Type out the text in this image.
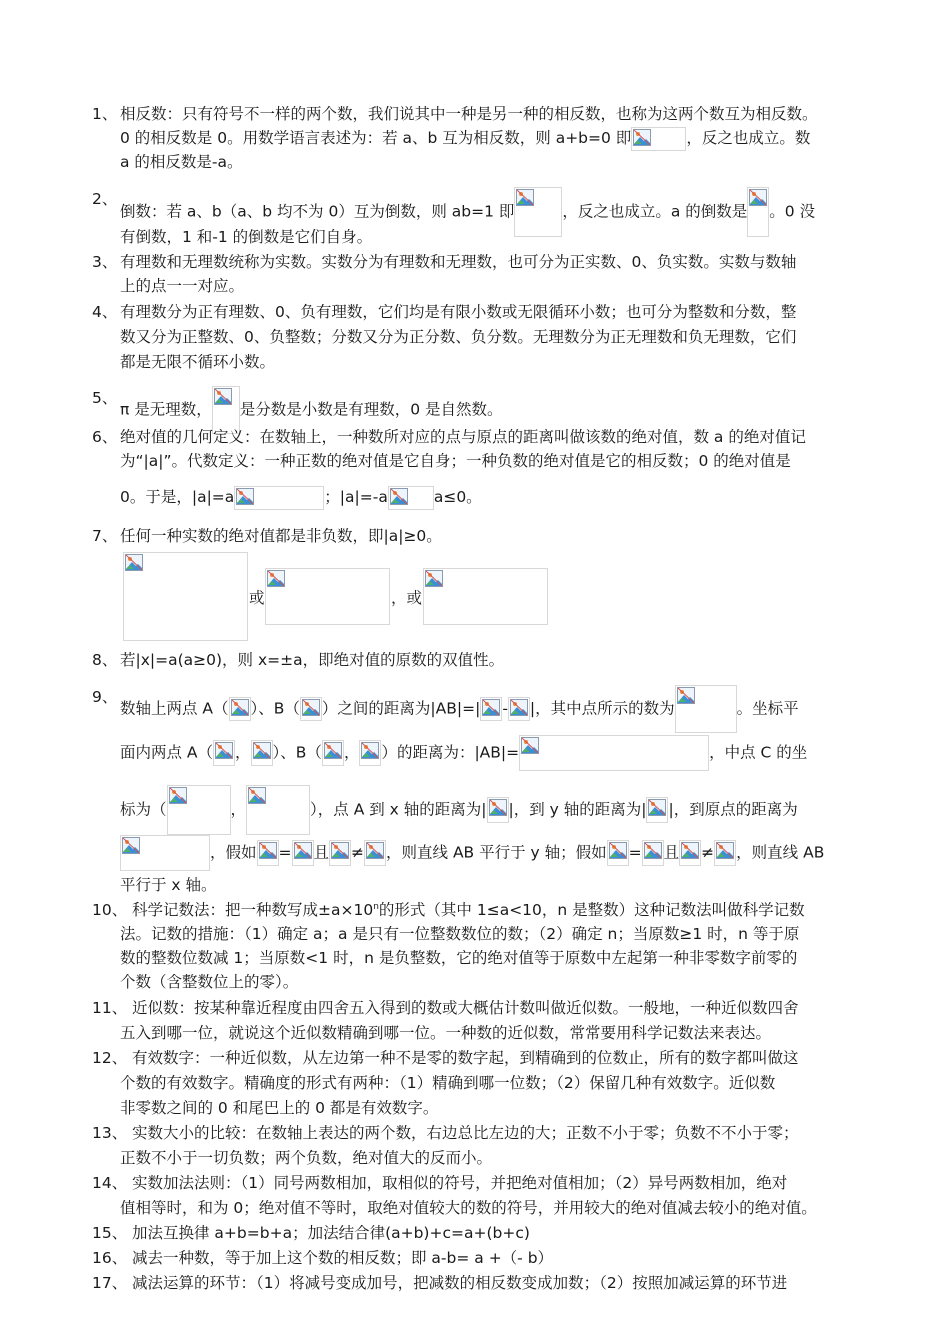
1、 相反数：只有符号不一样的两个数，我们说其中一种是另一种的相反数，也称为这两个数互为相反数。
0 的相反数是 0。用数学语言表述为：若 a、b 互为相反数，则 a+b=0 即	，反之也成立。数
a 的相反数是-a。
2、
倒数：若 a、b（a、b 均不为 0）互为倒数，则 ab=1 即	，反之也成立。a 的倒数是 。0 没
有倒数，1 和-1 的倒数是它们自身。
3、 有理数和无理数统称为实数。实数分为有理数和无理数，也可分为正实数、0、负实数。实数与数轴
上的点一一对应。
4、 有理数分为正有理数、0、负有理数，它们均是有限小数或无限循环小数；也可分为整数和分数，整
数又分为正整数、0、负整数；分数又分为正分数、负分数。无理数分为正无理数和负无理数，它们
都是无限不循环小数。
5、
π 是无理数， 是分数是小数是有理数，0 是自然数。
6、 绝对值的几何定义：在数轴上，一种数所对应的点与原点的距离叫做该数的绝对值，数 a 的绝对值记
为“|a|”。代数定义：一种正数的绝对值是它自身；一种负数的绝对值是它的相反数；0 的绝对值是
0。于是，|a|=a	；|a|=-a	a≤0。
7、 任何一种实数的绝对值都是非负数，即|a|≥0。
或	，或
8、 若|x|=a(a≥0)，则 x=±a，即绝对值的原数的双值性。
9、
数轴上两点 A（ ）、B（ ）之间的距离为|AB|=| - |，其中点所示的数为	。坐标平
面内两点 A（ ， ）、B（ ， ）的距离为：|AB|=	，中点 C 的坐
标为（	，	），点 A 到 x 轴的距离为| |，到 y 轴的距离为| |，到原点的距离为
，假如 = 且 ≠ ，则直线 AB 平行于 y 轴；假如 = 且 ≠ ，则直线 AB
平行于 x 轴。
10、 科学记数法：把一种数写成$\pm a\times 10^n$的形式（其中 1≤a<10，n 是整数）这种记数法叫做科学记数
法。记数的措施：（1）确定 a；a 是只有一位整数数位的数；（2）确定 n；当原数≥1 时，n 等于原
数的整数位数减 1；当原数<1 时，n 是负整数，它的绝对值等于原数中左起第一种非零数字前零的
个数（含整数位上的零）。
11、 近似数：按某种靠近程度由四舍五入得到的数或大概估计数叫做近似数。一般地，一种近似数四舍
五入到哪一位，就说这个近似数精确到哪一位。一种数的近似数，常常要用科学记数法来表达。
12、 有效数字：一种近似数，从左边第一种不是零的数字起，到精确到的位数止，所有的数字都叫做这
个数的有效数字。精确度的形式有两种：（1）精确到哪一位数；（2）保留几种有效数字。近似数
非零数之间的 0 和尾巴上的 0 都是有效数字。
13、 实数大小的比较：在数轴上表达的两个数，右边总比左边的大；正数不小于零；负数不不小于零；
正数不小于一切负数；两个负数，绝对值大的反而小。
14、 实数加法法则：（1）同号两数相加，取相似的符号，并把绝对值相加；（2）异号两数相加，绝对
值相等时，和为 0；绝对值不等时，取绝对值较大的数的符号，并用较大的绝对值减去较小的绝对值。
15、 加法互换律 a+b=b+a；加法结合律(a+b)+c=a+(b+c)
16、 减去一种数，等于加上这个数的相反数；即 a-b= a +（- b）
17、 减法运算的环节：（1）将减号变成加号，把减数的相反数变成加数；（2）按照加减运算的环节进
